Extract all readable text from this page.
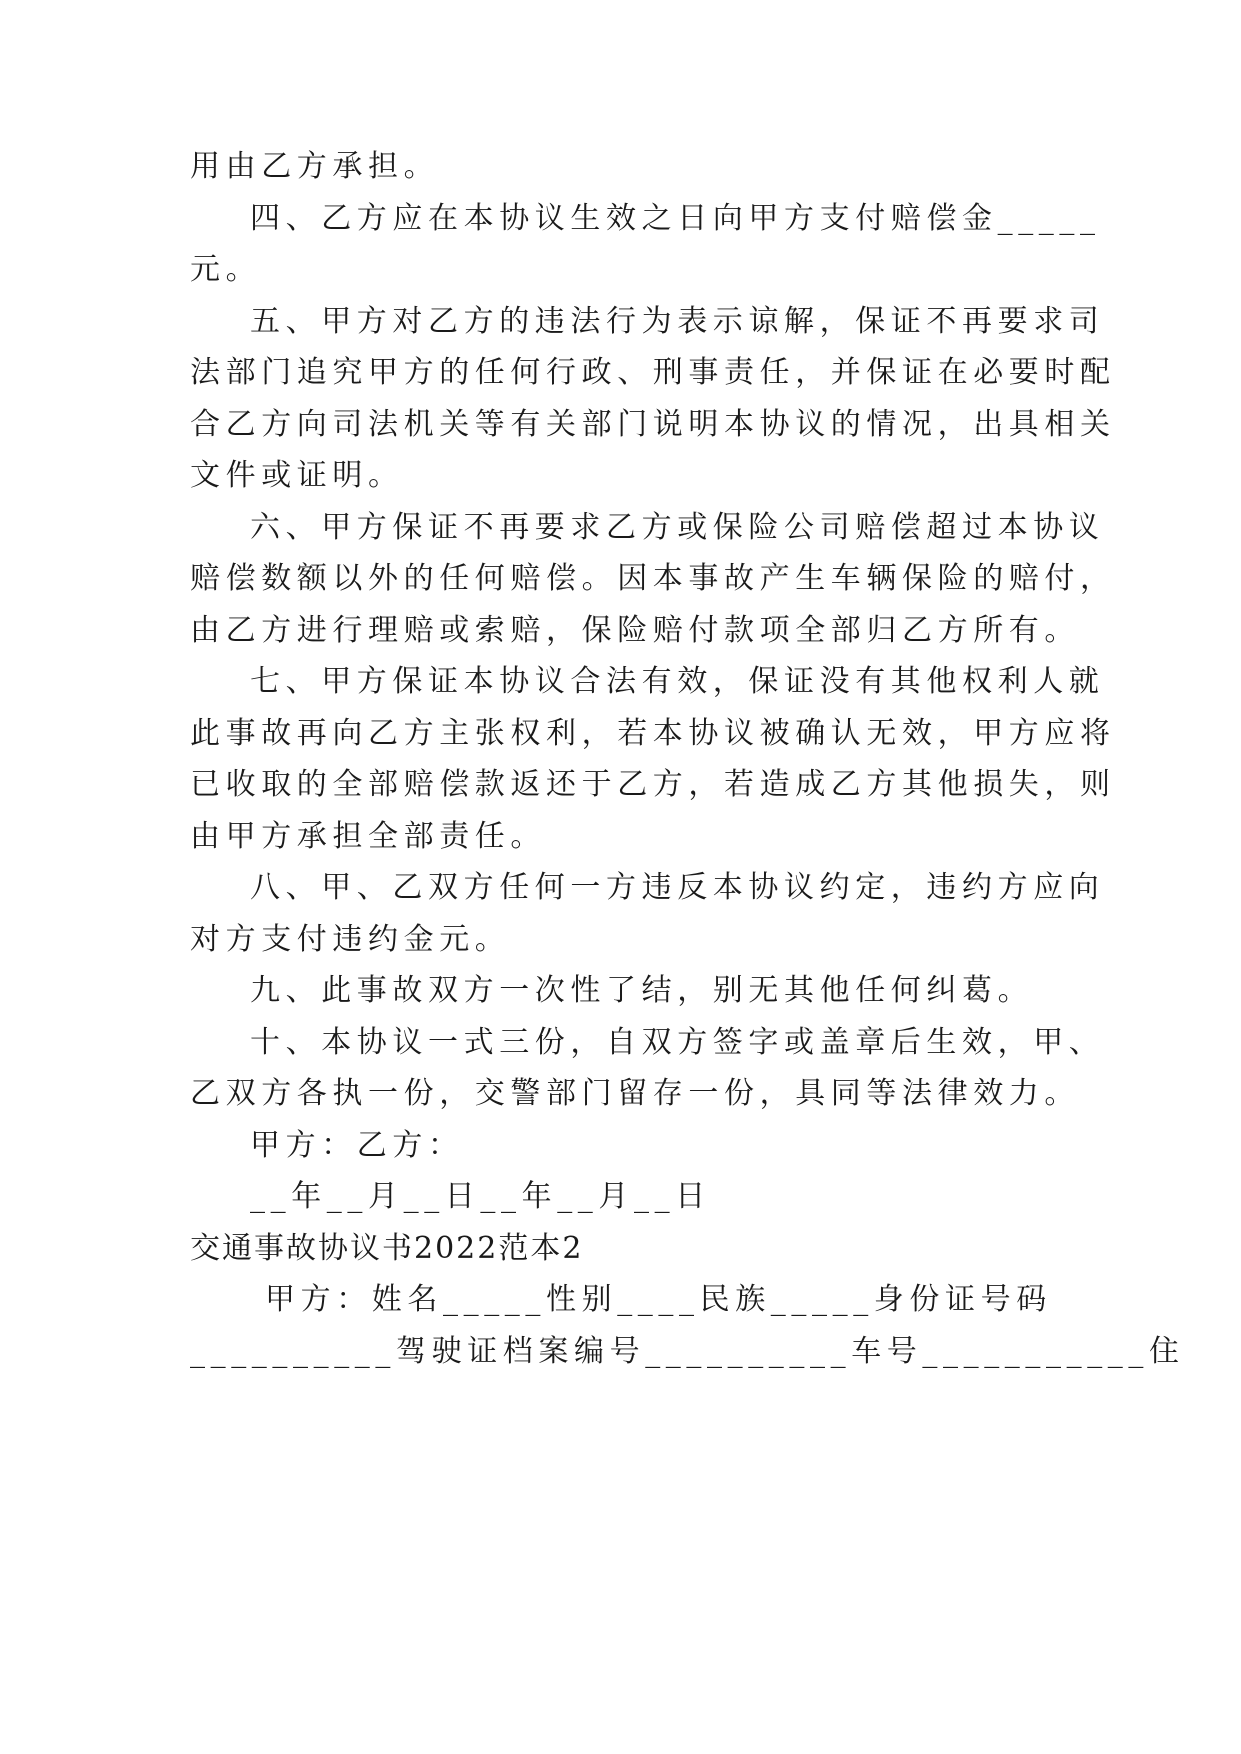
用由乙方承担。
四、乙方应在本协议生效之日向甲方支付赔偿金_____
元。
五、甲方对乙方的违法行为表示谅解，保证不再要求司
法部门追究甲方的任何行政、刑事责任，并保证在必要时配
合乙方向司法机关等有关部门说明本协议的情况，出具相关
文件或证明。
六、甲方保证不再要求乙方或保险公司赔偿超过本协议
赔偿数额以外的任何赔偿。因本事故产生车辆保险的赔付，
由乙方进行理赔或索赔，保险赔付款项全部归乙方所有。
七、甲方保证本协议合法有效，保证没有其他权利人就
此事故再向乙方主张权利，若本协议被确认无效，甲方应将
已收取的全部赔偿款返还于乙方，若造成乙方其他损失，则
由甲方承担全部责任。
八、甲、乙双方任何一方违反本协议约定，违约方应向
对方支付违约金元。
九、此事故双方一次性了结，别无其他任何纠葛。
十、本协议一式三份，自双方签字或盖章后生效，甲、
乙双方各执一份，交警部门留存一份，具同等法律效力。
甲方：乙方：
__年__月__日__年__月__日
交通事故协议书2022范本2
甲方：姓名_____性别____民族_____身份证号码
__________驾驶证档案编号__________车号___________住
